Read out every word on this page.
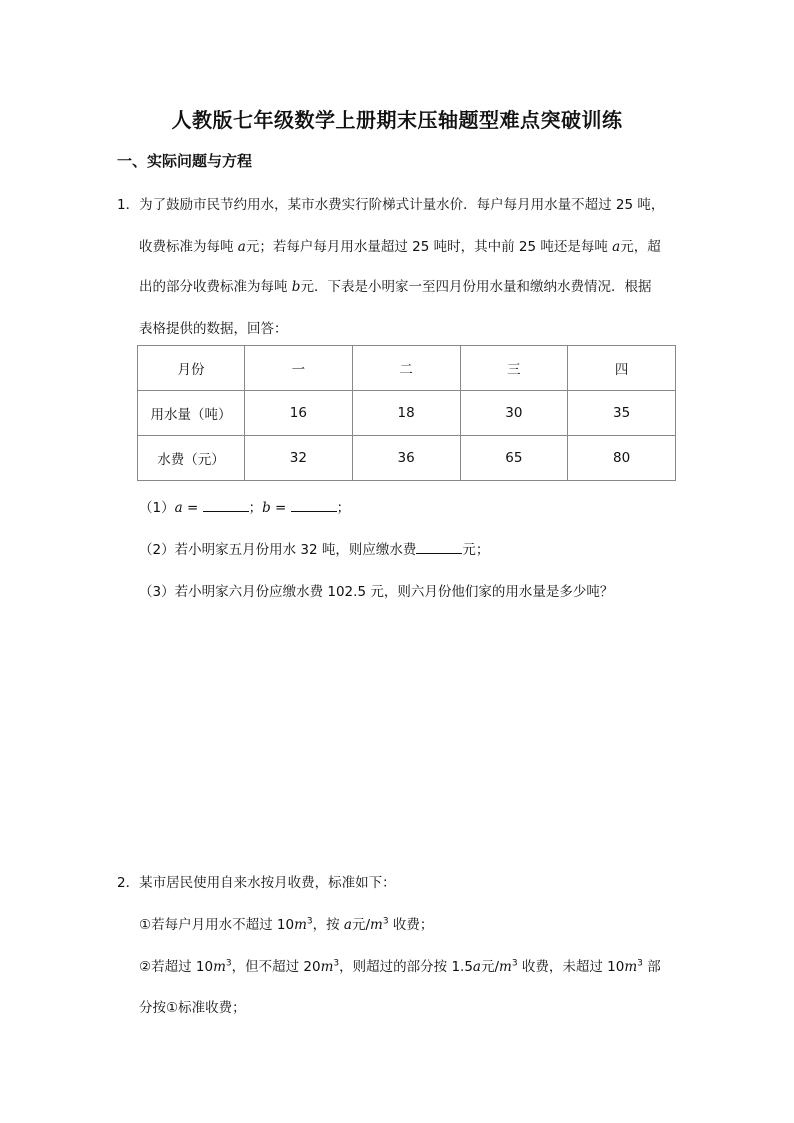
人教版七年级数学上册期末压轴题型难点突破训练
一、实际问题与方程
1．为了鼓励市民节约用水，某市水费实行阶梯式计量水价．每户每月用水量不超过 25 吨，
收费标准为每吨 a元；若每户每月用水量超过 25 吨时，其中前 25 吨还是每吨 a元，超
出的部分收费标准为每吨 b元．下表是小明家一至四月份用水量和缴纳水费情况．根据
表格提供的数据，回答：
月份	一	二	三	四
用水量（吨）	16	18	30	35
水费（元）	32	36	65	80
（1）a =	；b =	；
（2）若小明家五月份用水 32 吨，则应缴水费	元；
（3）若小明家六月份应缴水费 102.5 元，则六月份他们家的用水量是多少吨？
2．某市居民使用自来水按月收费，标准如下：
①若每户月用水不超过 $10m^3$，按 a元$/m^3$ 收费；
②若超过 $10m^3$，但不超过 $20m^3$，则超过的部分按 1.5a元$/m^3$ 收费，未超过 $10m^3$ 部
分按①标准收费；
